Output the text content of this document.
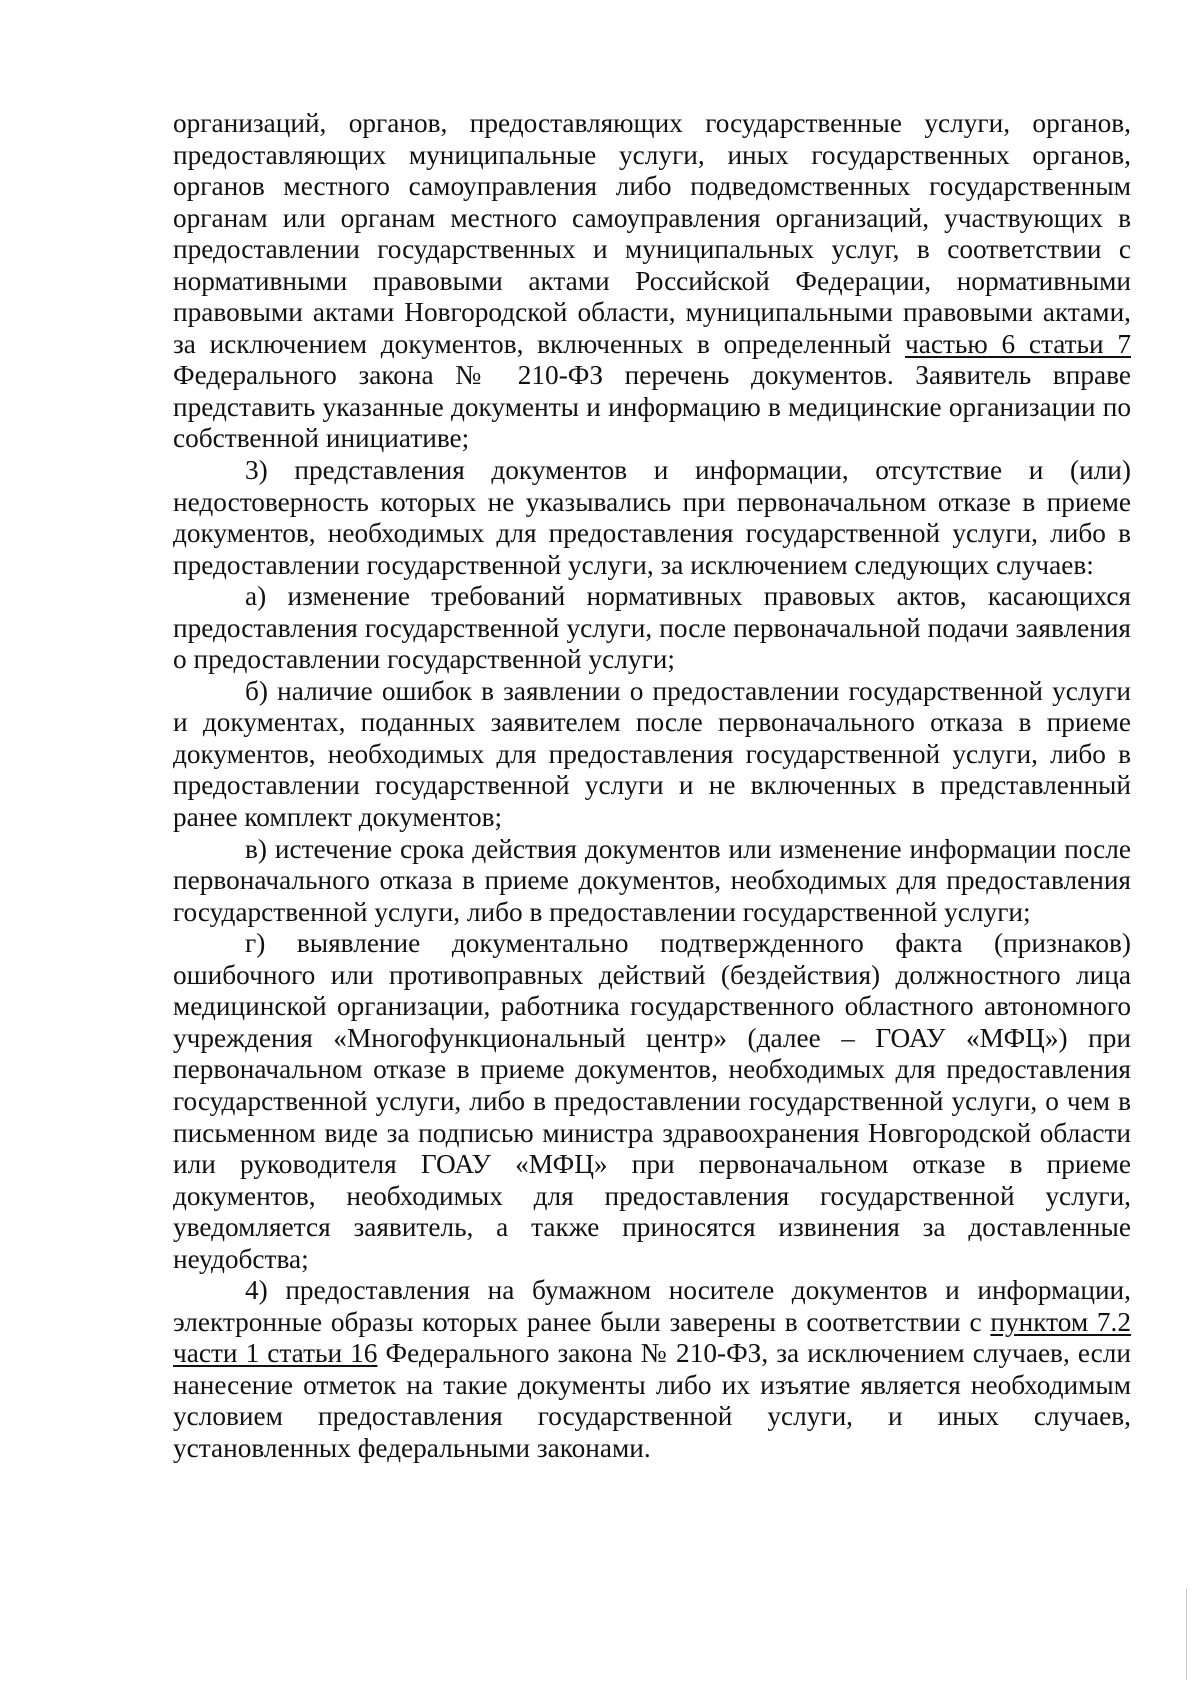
организаций, органов, предоставляющих государственные услуги, органов, предоставляющих муниципальные услуги, иных государственных органов, органов местного самоуправления либо подведомственных государственным органам или органам местного самоуправления организаций, участвующих в предоставлении государственных и муниципальных услуг, в соответствии с нормативными правовыми актами Российской Федерации, нормативными правовыми актами Новгородской области, муниципальными правовыми актами, за исключением документов, включенных в определенный частью 6 статьи 7 Федерального закона № 210-ФЗ перечень документов. Заявитель вправе представить указанные документы и информацию в медицинские организации по собственной инициативе;

3) представления документов и информации, отсутствие и (или) недостоверность которых не указывались при первоначальном отказе в приеме документов, необходимых для предоставления государственной услуги, либо в предоставлении государственной услуги, за исключением следующих случаев:

а) изменение требований нормативных правовых актов, касающихся предоставления государственной услуги, после первоначальной подачи заявления о предоставлении государственной услуги;

б) наличие ошибок в заявлении о предоставлении государственной услуги и документах, поданных заявителем после первоначального отказа в приеме документов, необходимых для предоставления государственной услуги, либо в предоставлении государственной услуги и не включенных в представленный ранее комплект документов;

в) истечение срока действия документов или изменение информации после первоначального отказа в приеме документов, необходимых для предоставления государственной услуги, либо в предоставлении государственной услуги;

г) выявление документально подтвержденного факта (признаков) ошибочного или противоправных действий (бездействия) должностного лица медицинской организации, работника государственного областного автономного учреждения «Многофункциональный центр» (далее – ГОАУ «МФЦ») при первоначальном отказе в приеме документов, необходимых для предоставления государственной услуги, либо в предоставлении государственной услуги, о чем в письменном виде за подписью министра здравоохранения Новгородской области или руководителя ГОАУ «МФЦ» при первоначальном отказе в приеме документов, необходимых для предоставления государственной услуги, уведомляется заявитель, а также приносятся извинения за доставленные неудобства;

4) предоставления на бумажном носителе документов и информации, электронные образы которых ранее были заверены в соответствии с пунктом 7.2 части 1 статьи 16 Федерального закона № 210-ФЗ, за исключением случаев, если нанесение отметок на такие документы либо их изъятие является необходимым условием предоставления государственной услуги, и иных случаев, установленных федеральными законами.
